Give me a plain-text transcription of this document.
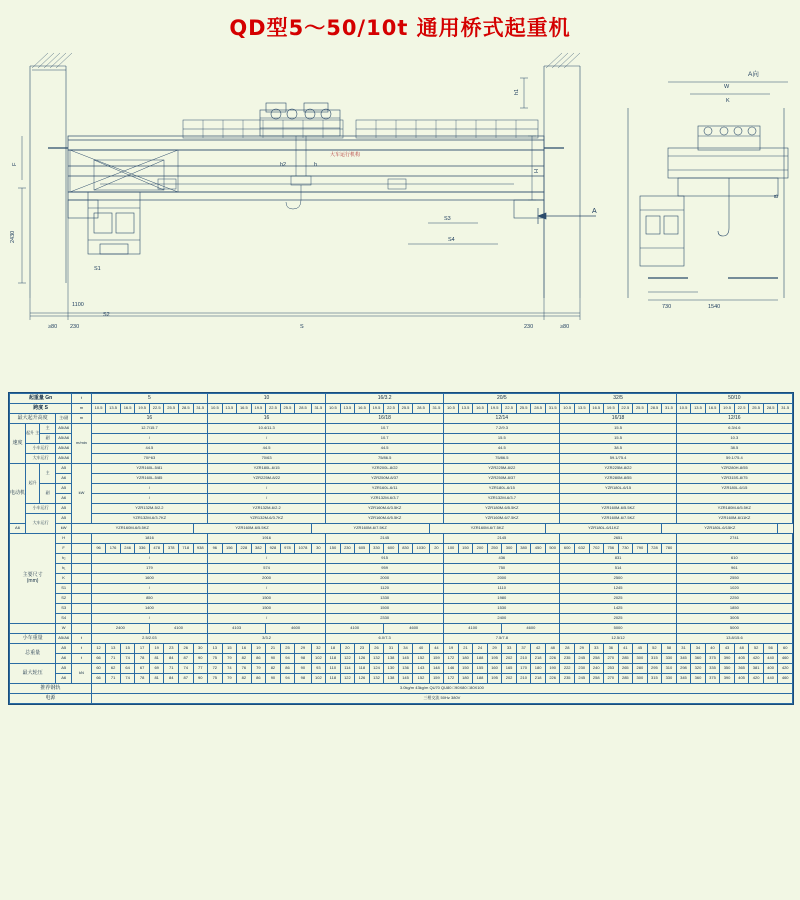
QD型5～50/10t 通用桥式起重机
≥80 230	S	230	≥80
1100
S2
2430
F
S1
h1
H
h2	h
S3
S4
A
大车运行机构
A向
W
K
730	1540
B
起重量 Gn				t	5								10								16/3.2								20/5								32/5								50/10							
跨度 S				m	10.5	13.5	16.5	19.5	22.5	25.5	28.5	31.5	10.5	13.5	16.5	19.5	22.5	25.5	28.5	31.5	10.5	13.5	16.5	19.5	22.5	25.5	28.5	31.5	10.5	13.5	16.5	19.5	22.5	25.5	28.5	31.5	10.5	13.5	16.5	19.5	22.5	25.5	28.5	31.5	10.5	13.5	16.5	19.5	22.5	25.5	28.5	31.5
最大起升高度			主/副	m	16								16								16/18								12/14								16/18								12/16							
速度	起升 主	主	A5/A6	m/min	12.7/15.7								10.4/11.3								10.7								7.2/9.3								15.5								6.3/4.6							
		副	A5/A6		/								/								10.7								15.5								15.5								10.3							
	小车运行		A5/A6		44.5								44.5								44.5								44.5								38.5								38.5							
	大车运行		A5/A6		70/*63								70/63								75/86.5								75/86.5								59.1/75.4								59.1/75.4							
电动机	起升	主	A5	kW	YZR160L-5/81								YZR180L-6/15								YZR200L-8/22								YZR225M-8/22								YZR225M-8/22								YZR280H-8/55							
			A6		YZR160L-5/85								YZR225M-8/22								YZR250M-8/37								YZR250M-8/37								YZR280M-8/55								YZR315S-8/75							
		副	A5		/								/								YZR160L-6/11								YZR180L-6/15								YZR180L-6/15								YZR180L-6/15							
			A6		/								/								YZR132M-6/3.7								YZR132M-6/3.7																							
	小车运行		A5		YZR132M-5/2.2								YZR132M-6/2.2								YZR160M-6/3.5KZ								YZR180M-6/5.5KZ								YZR160M-6/5.5KZ								YZR180M-6/5.5KZ							
	大车运行		A5		YZR132M-6/3.7KZ								YZR132M-6/3.7KZ								YZR160M-6/5.5KZ								YZR160M-6/7.5KZ								YZR160M-6/7.5KZ								YZR160M-6/11KZ							
A6			kW	YZR160M-6/5.5KZ								YZR160M-6/5.5KZ								YZR160M-6/7.5KZ								YZR160M-6/7.5KZ								YZR180L-6/11KZ								YZR180L-6/15KZ								
主要尺寸
(mm)			H		1816								1916								2145								2145								2651								2741							
			F		96	176	246	336	478	378	718	938	96	156	228	382	928	978	1078	30	150	230	605	330	600	830	1030	20	100	150	200	250	300	380	450	500	600	632	702	756	730	790	728	780								
			h₂		/								/								915								436								831								610							
			h₁		179								574								959								750								514								961							
			K		1600								2000								2000								2000								2500								2550							
			S1		/								/								1120								1110								1245								1020							
			S2		850								1500								1330								1980								2025								2250							
			S3		1400								1500								1500								1530								1425								1850							
			S4		/								/								2330								2400								2025								3005							
			W		2400				4100				4103				4600				4100				4600				4100				4600				5000								5000							
小车重量			A5/A6	t	2.5/2.03								3/3.2								6.0/7.3								7.5/7.8								12.5/12								13.8/15.6							
总重量			A5	t	12	13	15	17	19	23	26	30	13	15	16	19	21	25	29	32	18	20	23	26	31	34	40	44	19	21	24	29	33	37	42	48	28	29	33	36	41	45	52	58	31	34	40	43	48	52	56	60
			A6	t	66	71	74	78	81	84	87	90	75	79	82	86	90	94	98	102	118	122	126	132	138	145	152	159	172	180	188	195	202	210	218	226	235	245	258	270	285	300	315	330	345	360	375	390	405	420	440	460
最大轮压			A5	kN	60	62	64	67	69	71	74	77	72	74	76	79	82	86	90	93	110	114	118	124	130	136	143	148	146	150	155	160	165	170	180	190	222	230	240	253	265	280	295	310	298	320	335	350	365	381	400	420
			A6		66	71	74	78	81	84	87	90	75	79	82	86	90	94	98	102	118	122	126	132	138	145	152	159	172	180	188	195	202	210	218	226	235	245	258	270	285	300	315	330	345	360	375	390	405	420	440	460
推荐钢轨					3.0kg/m 43kg/m QU70 QU80 □90X80 □80X100																																															
电源					三相交流 50Hz 380V																																															
